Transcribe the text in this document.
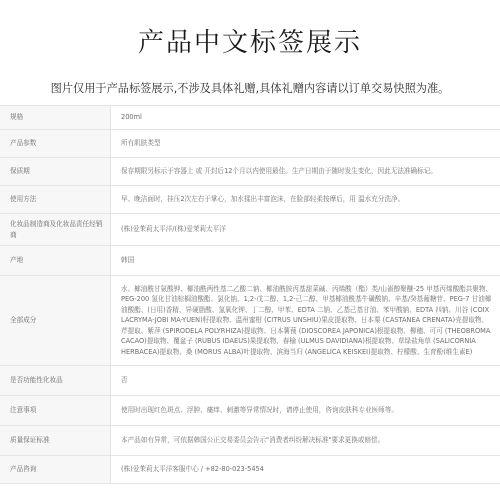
产品中文标签展示

图片仅用于产品标签展示,不涉及具体礼赠,具体礼赠内容请以订单交易快照为准。

规格	200ml
产品参数	所有肌肤类型
保质期	保存期限另标示于容器上 或 开封后12个月以内使用最佳。生产日期由于随时发生变化，因此无法准确标记。
使用方法	早、晚洁面时，挂压2次左右于掌心，加水揉出丰富泡沫，在脸部轻柔按摩后，用 温水充分洗净。
化妆品制造商及化妆品责任经销商	(株)爱茉莉太平洋/(株)爱茉莉太平洋
产地	韩国
全部成分	水、椰油酰甘氨酸钾、椰油酰两性基二乙酸二钠、椰油酰胺丙基甜菜碱、丙烯酸（酯）类/山嵛醇聚醚-25 甲基丙烯酸酯共聚物、PEG-200 氢化甘油棕榈油酸酯、氯化钠、1,2-戊二醇、1,2-己二醇、甲基椰油酰基牛磺酸钠、辛基/癸基葡糖苷、PEG-7 甘油椰油酸酯、(日用)香精、异硬脂酸、氢氧化钾、丁二醇、甲苯、EDTA 二钠、乙基己基甘油、苯甲酸钠、EDTA 四钠、川谷 (COIX LACRYMA-JOBI MA-YUEN)籽提取物、温州蜜柑 (CITRUS UNSHIU)果皮提取物、日本栗 (CASTANEA CRENATA)壳提取物、芹提取、紫萍 (SPIRODELA POLYRHIZA)提取物、日本薯蓣 (DIOSCOREA JAPONICA)根提取物、柳穗、可可 (THEOBROMA CACAO)提取物、覆盆子 (RUBUS IDAEUS)果提取物、春榆 (ULMUS DAVIDIANA)根提取物、草绿盐角草 (SALICORNIA HERBACEA)提取物、桑 (MORUS ALBA)叶提取物、滨海当归 (ANGELICA KEISKEI)提取物、柠檬酸、生育酚(维生素E)
是否功能性化妆品	否
注意事项	使用时出现红色斑点、浮肿、瘙痒、刺激等异常情况时，请停止使用，咨询皮肤科专业医师等。
质量保证标准	本产品如有异常，可依据韩国公正交易委员会告示"消费者纠纷解决标准"要求更换或赔偿。
产品咨询	(株)爱茉莉太平洋客服中心 / +82-80-023-5454
